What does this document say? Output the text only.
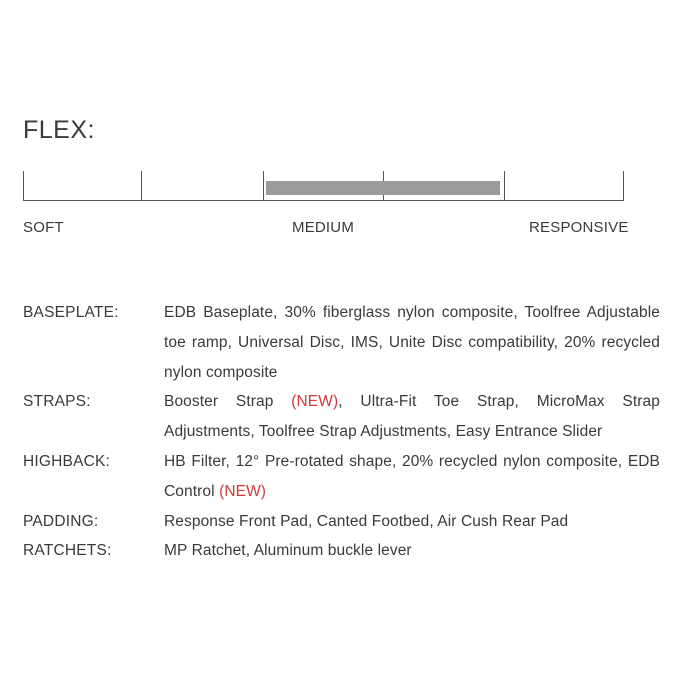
FLEX:
SOFT	MEDIUM	RESPONSIVE
BASEPLATE:	EDB Baseplate, 30% fiberglass nylon composite, Toolfree Adjustable toe ramp, Universal Disc, IMS, Unite Disc compatibility, 20% recycled nylon composite
STRAPS:	Booster Strap (NEW), Ultra-Fit Toe Strap, MicroMax Strap Adjustments, Toolfree Strap Adjustments, Easy Entrance Slider
HIGHBACK:	HB Filter, 12° Pre-rotated shape, 20% recycled nylon composite, EDB Control (NEW)
PADDING:	Response Front Pad, Canted Footbed, Air Cush Rear Pad
RATCHETS:	MP Ratchet, Aluminum buckle lever
